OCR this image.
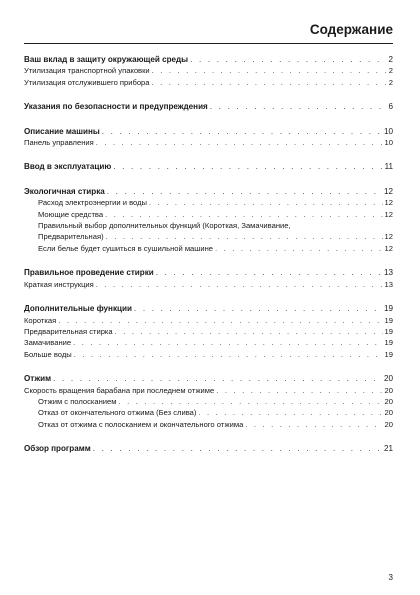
Содержание
Ваш вклад в защиту окружающей среды . . .	2
Утилизация транспортной упаковки . . .	2
Утилизация отслужившего прибора . . .	2
Указания по безопасности и предупреждения . . .	6
Описание машины . . .	10
Панель управления . . .	10
Ввод в эксплуатацию . . .	11
Экологичная стирка . . .	12
Расход электроэнергии и воды . . .	12
Моющие средства . . .	12
Правильный выбор дополнительных функций (Короткая, Замачивание,
Предварительная) . . .	12
Если белье будет сушиться в сушильной машине . . .	12
Правильное проведение стирки . . .	13
Краткая инструкция . . .	13
Дополнительные функции . . .	19
Короткая . . .	19
Предварительная стирка . . .	19
Замачивание . . .	19
Больше воды . . .	19
Отжим . . .	20
Скорость вращения барабана при последнем отжиме . . .	20
Отжим с полосканием . . .	20
Отказ от окончательного отжима (Без слива) . . .	20
Отказ от отжима с полосканием и окончательного отжима . . .	20
Обзор программ . . .	21
3
